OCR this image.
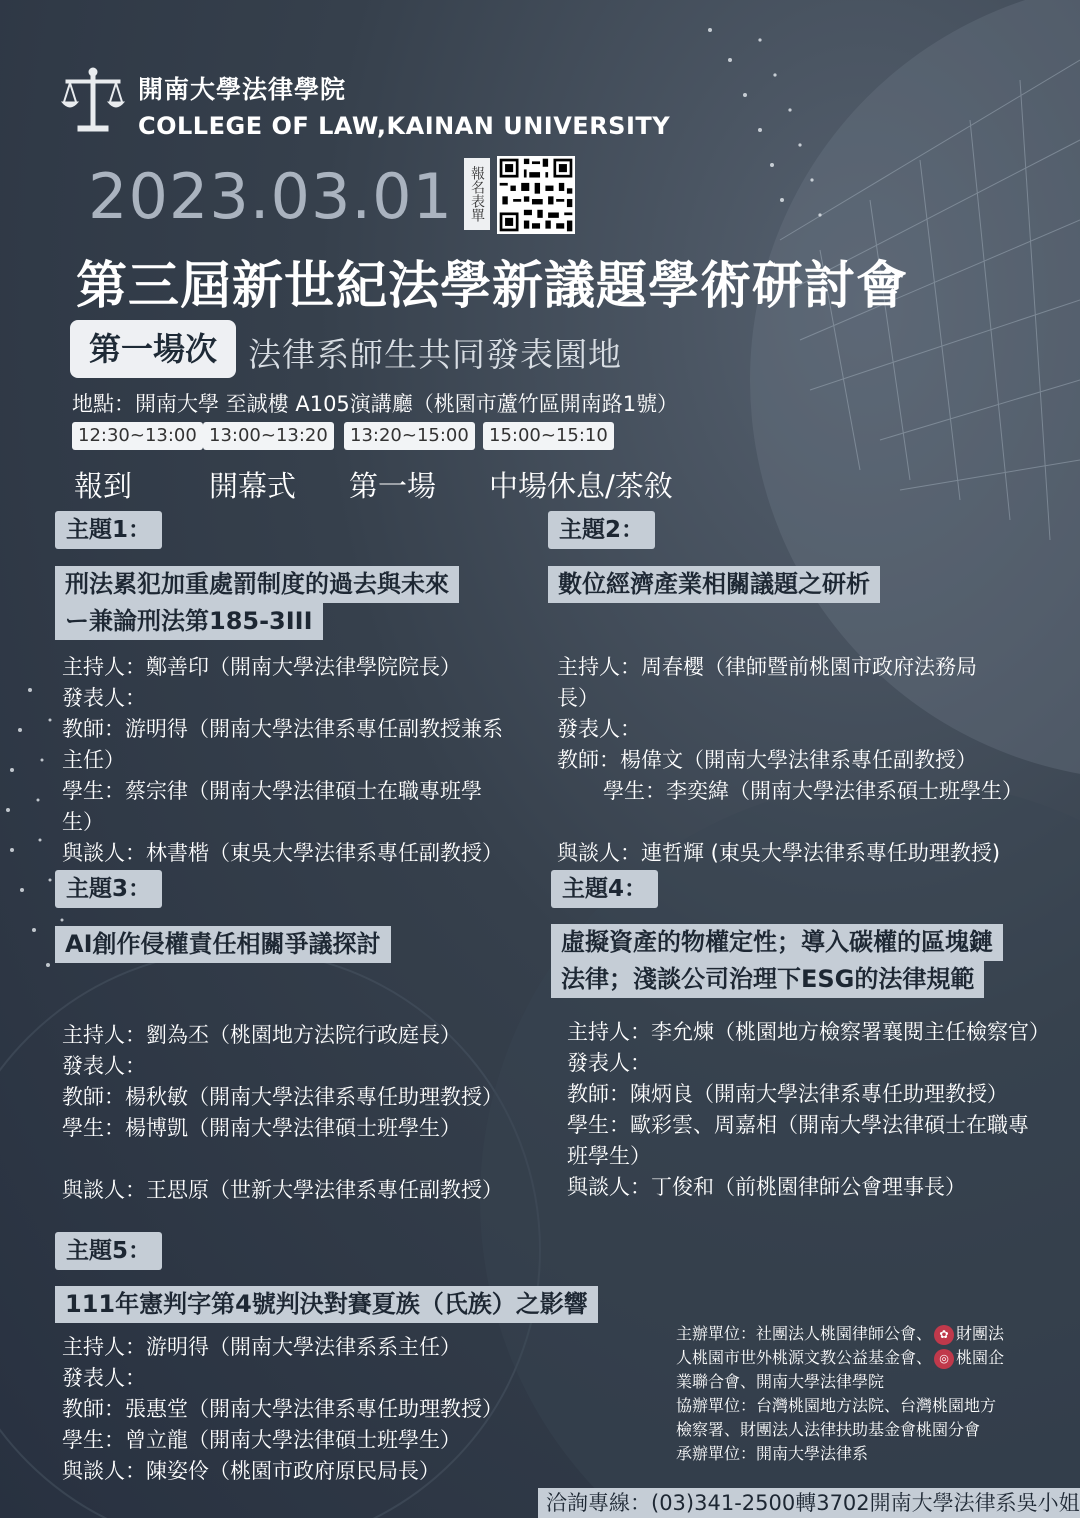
開南大學法律學院
COLLEGE OF LAW,KAINAN UNIVERSITY
2023.03.01	報名表單
第三屆新世紀法學新議題學術研討會
第一場次 法律系師生共同發表園地
地點：開南大學 至誠樓 A105演講廳（桃園市蘆竹區開南路1號）
12:30~13:00 13:00~13:20	13:20~15:00	15:00~15:10
報到	開幕式 第一場 中場休息/茶敘
主題1：
刑法累犯加重處罰制度的過去與未來
ー兼論刑法第185-3III
主持人：鄭善印（開南大學法律學院院長）
發表人：
教師：游明得（開南大學法律系專任副教授兼系
主任）
學生：蔡宗律（開南大學法律碩士在職專班學
生）
與談人：林書楷（東吳大學法律系專任副教授）
主題2：
數位經濟產業相關議題之研析
主持人：周春櫻（律師暨前桃園市政府法務局
長）
發表人：
教師：楊偉文（開南大學法律系專任副教授）
學生：李奕緯（開南大學法律系碩士班學生）
與談人：連哲輝 (東吳大學法律系專任助理教授)
主題3：
AI創作侵權責任相關爭議探討
主持人：劉為丕（桃園地方法院行政庭長）
發表人：
教師：楊秋敏（開南大學法律系專任助理教授）
學生：楊博凱（開南大學法律碩士班學生）
與談人：王思原（世新大學法律系專任副教授）
主題4：
虛擬資產的物權定性；導入碳權的區塊鏈
法律；淺談公司治理下ESG的法律規範
主持人：李允煉（桃園地方檢察署襄閱主任檢察官）
發表人：
教師：陳炳良（開南大學法律系專任助理教授）
學生：歐彩雲、周嘉相（開南大學法律碩士在職專
班學生）
與談人：丁俊和（前桃園律師公會理事長）
主題5：
111年憲判字第4號判決對賽夏族（氏族）之影響
主持人：游明得（開南大學法律系系主任）
發表人：
教師：張惠堂（開南大學法律系專任助理教授）
學生：曾立龍（開南大學法律碩士班學生）
與談人：陳姿伶（桃園市政府原民局長）
主辦單位：社團法人桃園律師公會、 ✿ 財團法
人桃園市世外桃源文教公益基金會、 ◎ 桃園企
業聯合會、開南大學法律學院
協辦單位：台灣桃園地方法院、台灣桃園地方
檢察署、財團法人法律扶助基金會桃園分會
承辦單位：開南大學法律系
洽詢專線：(03)341-2500轉3702開南大學法律系吳小姐
